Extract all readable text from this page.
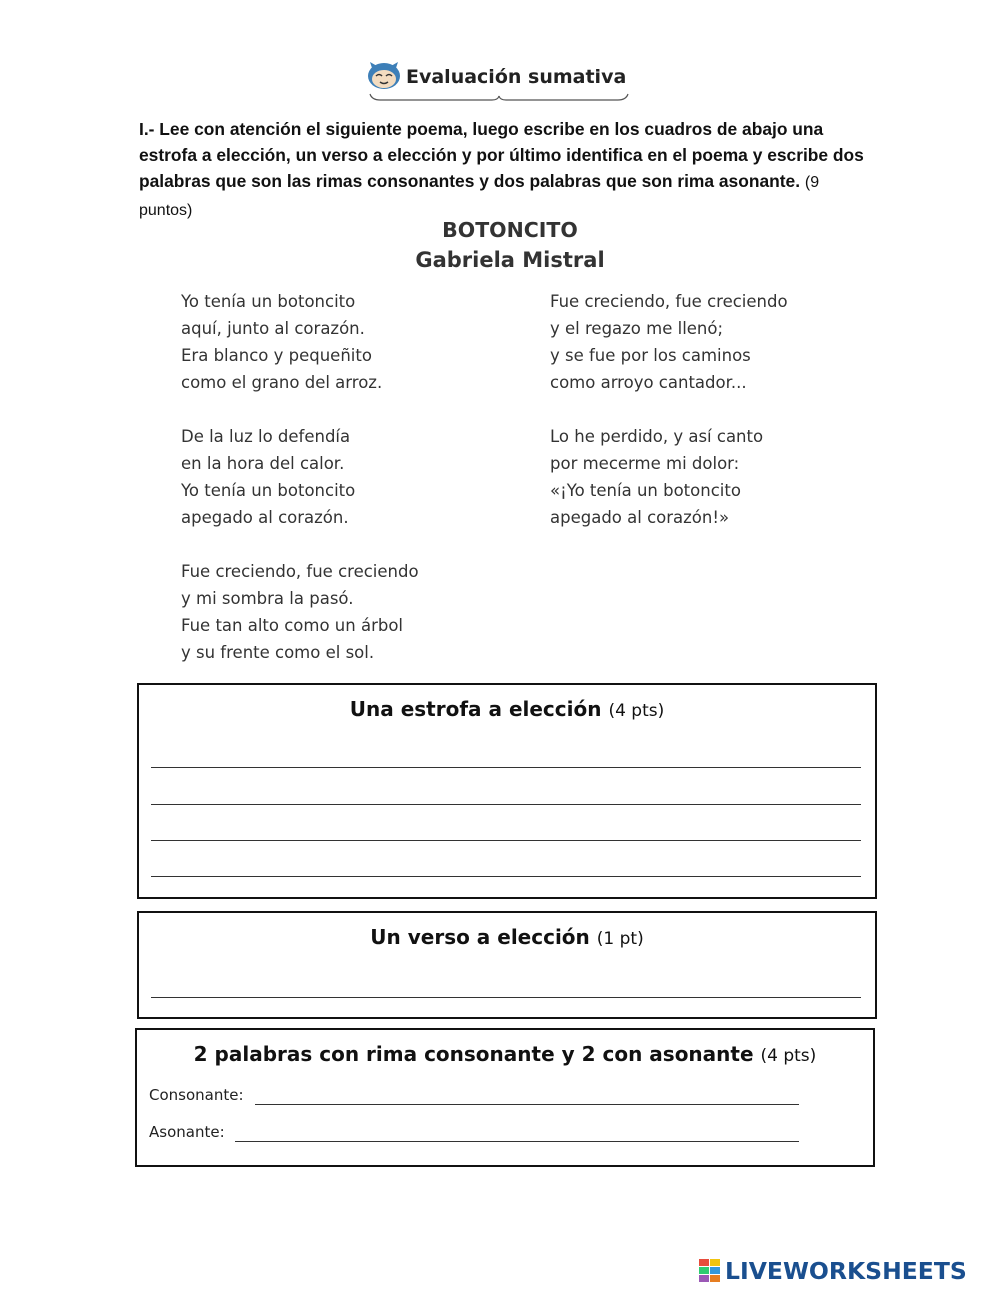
Evaluación sumativa
I.- Lee con atención el siguiente poema, luego escribe en los cuadros de abajo una estrofa a elección, un verso a elección y por último identifica en el poema y escribe dos palabras que son las rimas consonantes y dos palabras que son rima asonante. (9 puntos)
BOTONCITO
Gabriela Mistral
Yo tenía un botoncito
aquí, junto al corazón.
Era blanco y pequeñito
como el grano del arroz.
De la luz lo defendía
en la hora del calor.
Yo tenía un botoncito
apegado al corazón.
Fue creciendo, fue creciendo
y mi sombra la pasó.
Fue tan alto como un árbol
y su frente como el sol.
Fue creciendo, fue creciendo
y el regazo me llenó;
y se fue por los caminos
como arroyo cantador...
Lo he perdido, y así canto
por mecerme mi dolor:
«¡Yo tenía un botoncito
apegado al corazón!»
Una estrofa a elección (4 pts)
Un verso a elección (1 pt)
2 palabras con rima consonante y 2 con asonante (4 pts)
Consonante:
Asonante:
LIVEWORKSHEETS
